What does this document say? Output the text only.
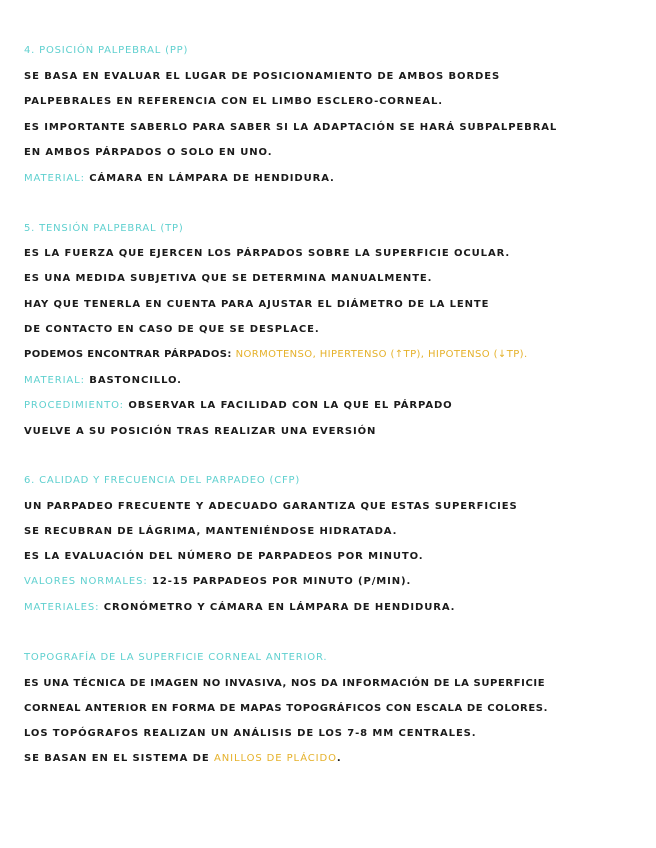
4. POSICIÓN PALPEBRAL (PP)
SE BASA EN EVALUAR EL LUGAR DE POSICIONAMIENTO DE AMBOS BORDES
PALPEBRALES EN REFERENCIA CON EL LIMBO ESCLERO-CORNEAL.
ES IMPORTANTE SABERLO PARA SABER SI LA ADAPTACIÓN SE HARÁ SUBPALPEBRAL
EN AMBOS PÁRPADOS O SOLO EN UNO.
MATERIAL: CÁMARA EN LÁMPARA DE HENDIDURA.
5. TENSIÓN PALPEBRAL (TP)
ES LA FUERZA QUE EJERCEN LOS PÁRPADOS SOBRE LA SUPERFICIE OCULAR.
ES UNA MEDIDA SUBJETIVA QUE SE DETERMINA MANUALMENTE.
HAY QUE TENERLA EN CUENTA PARA AJUSTAR EL DIÁMETRO DE LA LENTE
DE CONTACTO EN CASO DE QUE SE DESPLACE.
PODEMOS ENCONTRAR PÁRPADOS: NORMOTENSO, HIPERTENSO (↑TP), HIPOTENSO (↓TP).
MATERIAL: BASTONCILLO.
PROCEDIMIENTO: OBSERVAR LA FACILIDAD CON LA QUE EL PÁRPADO
VUELVE A SU POSICIÓN TRAS REALIZAR UNA EVERSIÓN
6. CALIDAD Y FRECUENCIA DEL PARPADEO (CFP)
UN PARPADEO FRECUENTE Y ADECUADO GARANTIZA QUE ESTAS SUPERFICIES
SE RECUBRAN DE LÁGRIMA, MANTENIÉNDOSE HIDRATADA.
ES LA EVALUACIÓN DEL NÚMERO DE PARPADEOS POR MINUTO.
VALORES NORMALES: 12-15 PARPADEOS POR MINUTO (P/MIN).
MATERIALES: CRONÓMETRO Y CÁMARA EN LÁMPARA DE HENDIDURA.
TOPOGRAFÍA DE LA SUPERFICIE CORNEAL ANTERIOR.
ES UNA TÉCNICA DE IMAGEN NO INVASIVA, NOS DA INFORMACIÓN DE LA SUPERFICIE
CORNEAL ANTERIOR EN FORMA DE MAPAS TOPOGRÁFICOS CON ESCALA DE COLORES.
LOS TOPÓGRAFOS REALIZAN UN ANÁLISIS DE LOS 7-8 MM CENTRALES.
SE BASAN EN EL SISTEMA DE ANILLOS DE PLÁCIDO.
